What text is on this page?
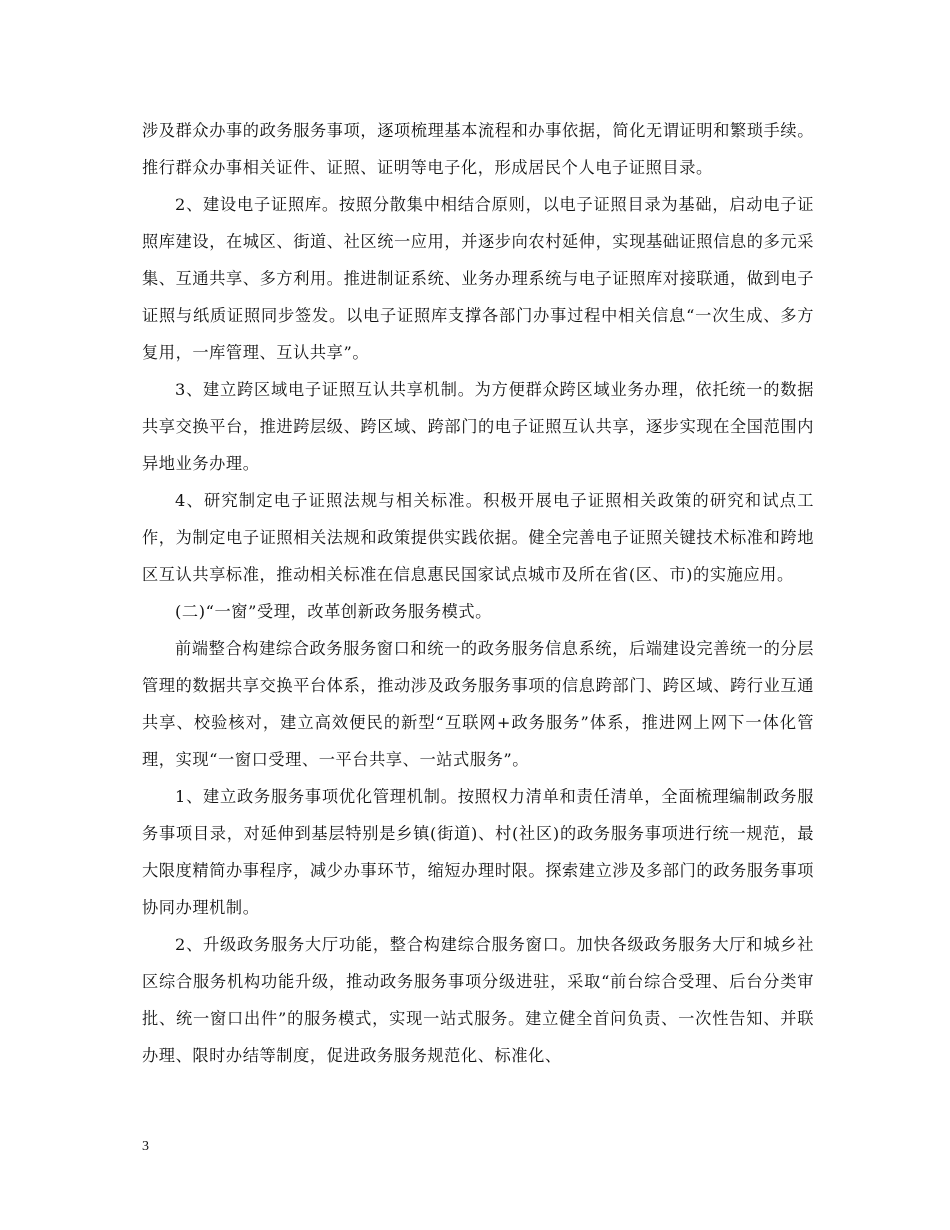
涉及群众办事的政务服务事项，逐项梳理基本流程和办事依据，简化无谓证明和繁琐手续。推行群众办事相关证件、证照、证明等电子化，形成居民个人电子证照目录。

2、建设电子证照库。按照分散集中相结合原则，以电子证照目录为基础，启动电子证照库建设，在城区、街道、社区统一应用，并逐步向农村延伸，实现基础证照信息的多元采集、互通共享、多方利用。推进制证系统、业务办理系统与电子证照库对接联通，做到电子证照与纸质证照同步签发。以电子证照库支撑各部门办事过程中相关信息“一次生成、多方复用，一库管理、互认共享”。

3、建立跨区域电子证照互认共享机制。为方便群众跨区域业务办理，依托统一的数据共享交换平台，推进跨层级、跨区域、跨部门的电子证照互认共享，逐步实现在全国范围内异地业务办理。

4、研究制定电子证照法规与相关标准。积极开展电子证照相关政策的研究和试点工作，为制定电子证照相关法规和政策提供实践依据。健全完善电子证照关键技术标准和跨地区互认共享标准，推动相关标准在信息惠民国家试点城市及所在省(区、市)的实施应用。

(二)“一窗”受理，改革创新政务服务模式。

前端整合构建综合政务服务窗口和统一的政务服务信息系统，后端建设完善统一的分层管理的数据共享交换平台体系，推动涉及政务服务事项的信息跨部门、跨区域、跨行业互通共享、校验核对，建立高效便民的新型“互联网+政务服务”体系，推进网上网下一体化管理，实现“一窗口受理、一平台共享、一站式服务”。

1、建立政务服务事项优化管理机制。按照权力清单和责任清单，全面梳理编制政务服务事项目录，对延伸到基层特别是乡镇(街道)、村(社区)的政务服务事项进行统一规范，最大限度精简办事程序，减少办事环节，缩短办理时限。探索建立涉及多部门的政务服务事项协同办理机制。

2、升级政务服务大厅功能，整合构建综合服务窗口。加快各级政务服务大厅和城乡社区综合服务机构功能升级，推动政务服务事项分级进驻，采取“前台综合受理、后台分类审批、统一窗口出件”的服务模式，实现一站式服务。建立健全首问负责、一次性告知、并联办理、限时办结等制度，促进政务服务规范化、标准化、

3
